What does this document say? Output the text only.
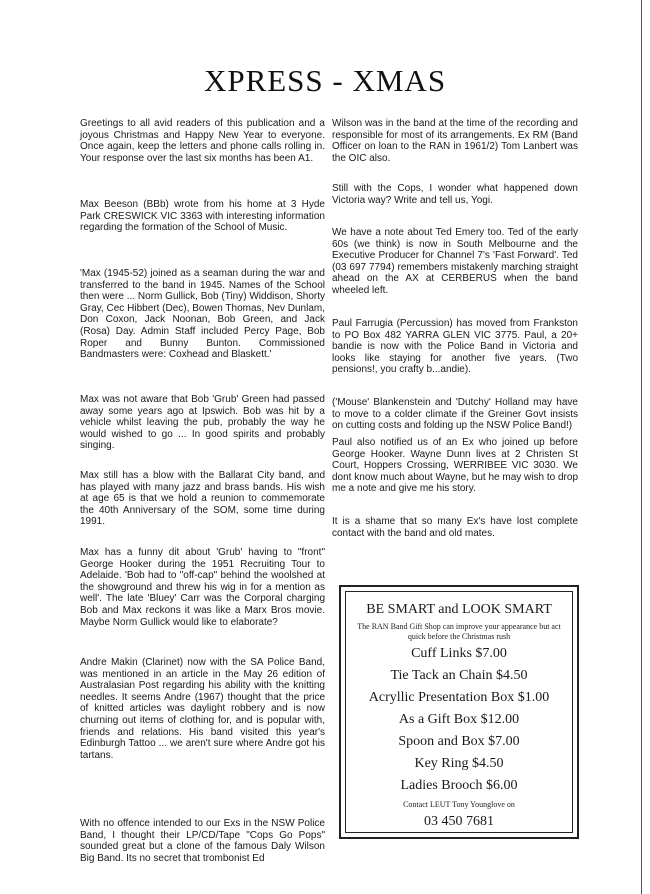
XPRESS - XMAS

Greetings to all avid readers of this publication and a joyous Christmas and Happy New Year to everyone. Once again, keep the letters and phone calls rolling in. Your response over the last six months has been A1.

Max Beeson (BBb) wrote from his home at 3 Hyde Park CRESWICK VIC 3363 with interesting information regarding the formation of the School of Music.

'Max (1945-52) joined as a seaman during the war and transferred to the band in 1945. Names of the School then were ... Norm Gullick, Bob (Tiny) Widdison, Shorty Gray, Cec Hibbert (Dec), Bowen Thomas, Nev Dunlam, Don Coxon, Jack Noonan, Bob Green, and Jack (Rosa) Day. Admin Staff included Percy Page, Bob Roper and Bunny Bunton. Commissioned Bandmasters were: Coxhead and Blaskett.'

Max was not aware that Bob 'Grub' Green had passed away some years ago at Ipswich. Bob was hit by a vehicle whilst leaving the pub, probably the way he would wished to go ... In good spirits and probably singing.

Max still has a blow with the Ballarat City band, and has played with many jazz and brass bands. His wish at age 65 is that we hold a reunion to commemorate the 40th Anniversary of the SOM, some time during 1991.

Max has a funny dit about 'Grub' having to "front" George Hooker during the 1951 Recruiting Tour to Adelaide. 'Bob had to "off-cap" behind the woolshed at the showground and threw his wig in for a mention as well'. The late 'Bluey' Carr was the Corporal charging Bob and Max reckons it was like a Marx Bros movie. Maybe Norm Gullick would like to elaborate?

Andre Makin (Clarinet) now with the SA Police Band, was mentioned in an article in the May 26 edition of Australasian Post regarding his ability with the knitting needles. It seems Andre (1967) thought that the price of knitted articles was daylight robbery and is now churning out items of clothing for, and is popular with, friends and relations. His band visited this year's Edinburgh Tattoo ... we aren't sure where Andre got his tartans.

With no offence intended to our Exs in the NSW Police Band, I thought their LP/CD/Tape "Cops Go Pops" sounded great but a clone of the famous Daly Wilson Big Band. Its no secret that trombonist Ed

Wilson was in the band at the time of the recording and responsible for most of its arrangements. Ex RM (Band Officer on loan to the RAN in 1961/2) Tom Lanbert was the OIC also.

Still with the Cops, I wonder what happened down Victoria way? Write and tell us, Yogi.

We have a note about Ted Emery too. Ted of the early 60s (we think) is now in South Melbourne and the Executive Producer for Channel 7's 'Fast Forward'. Ted (03 697 7794) remembers mistakenly marching straight ahead on the AX at CERBERUS when the band wheeled left.

Paul Farrugia (Percussion) has moved from Frankston to PO Box 482 YARRA GLEN VIC 3775. Paul, a 20+ bandie is now with the Police Band in Victoria and looks like staying for another five years. (Two pensions!, you crafty b...andie).

('Mouse' Blankenstein and 'Dutchy' Holland may have to move to a colder climate if the Greiner Govt insists on cutting costs and folding up the NSW Police Band!)

Paul also notified us of an Ex who joined up before George Hooker. Wayne Dunn lives at 2 Christen St Court, Hoppers Crossing, WERRIBEE VIC 3030. We dont know much about Wayne, but he may wish to drop me a note and give me his story.

It is a shame that so many Ex's have lost complete contact with the band and old mates.

BE SMART and LOOK SMART
The RAN Band Gift Shop can improve your appearance but act quick before the Christmas rush
Cuff Links $7.00
Tie Tack an Chain $4.50
Acryllic Presentation Box $1.00
As a Gift Box $12.00
Spoon and Box $7.00
Key Ring $4.50
Ladies Brooch $6.00
Contact LEUT Tony Younglove on
03 450 7681
